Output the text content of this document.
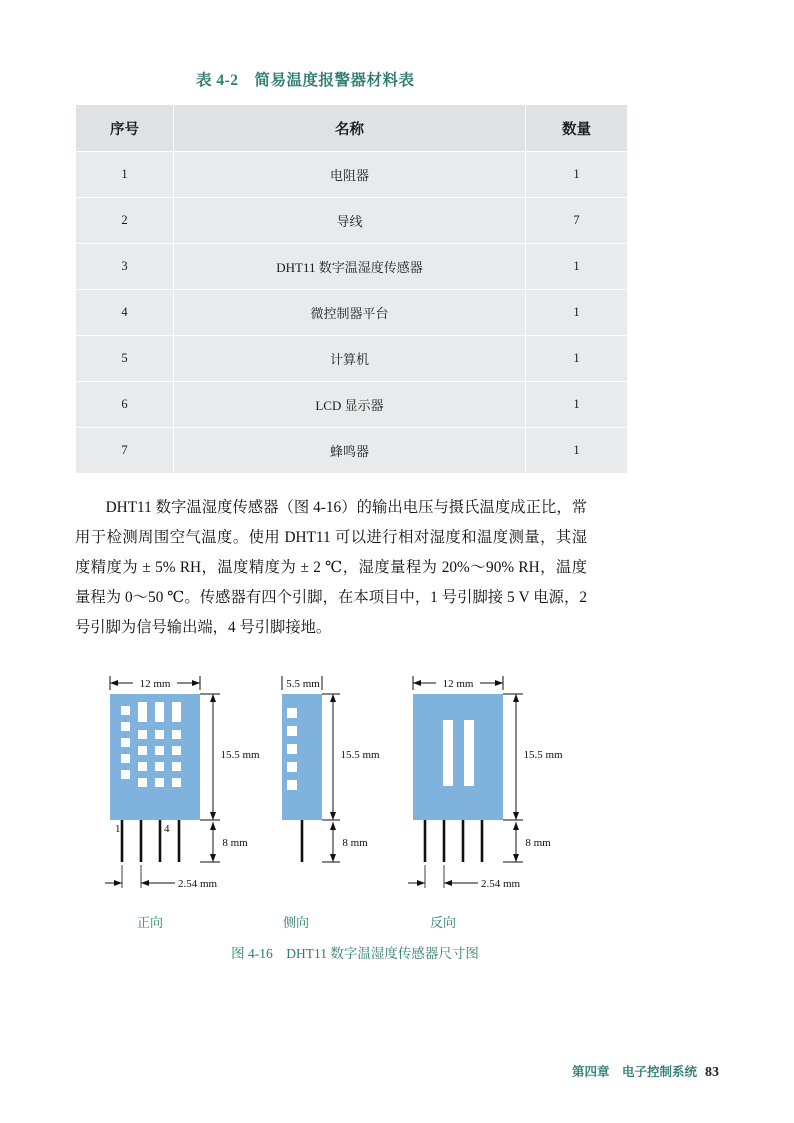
表 4-2　简易温度报警器材料表
序号	名称	数量
1	电阻器	1
2	导线	7
3	DHT11 数字温湿度传感器	1
4	微控制器平台	1
5	计算机	1
6	LCD 显示器	1
7	蜂鸣器	1

DHT11 数字温湿度传感器（图 4-16）的输出电压与摄氏温度成正比，常用于检测周围空气温度。使用 DHT11 可以进行相对湿度和温度测量，其湿度精度为 ± 5% RH，温度精度为 ± 2 ℃，湿度量程为 20%～90% RH，温度量程为 0～50 ℃。传感器有四个引脚，在本项目中，1 号引脚接 5 V 电源，2 号引脚为信号输出端，4 号引脚接地。

12 mm
1	4
15.5 mm
8 mm
2.54 mm
5.5 mm
15.5 mm
8 mm
12 mm
15.5 mm
8 mm
2.54 mm
正向	侧向	反向
图 4-16　DHT11 数字温湿度传感器尺寸图
第四章　电子控制系统 83
